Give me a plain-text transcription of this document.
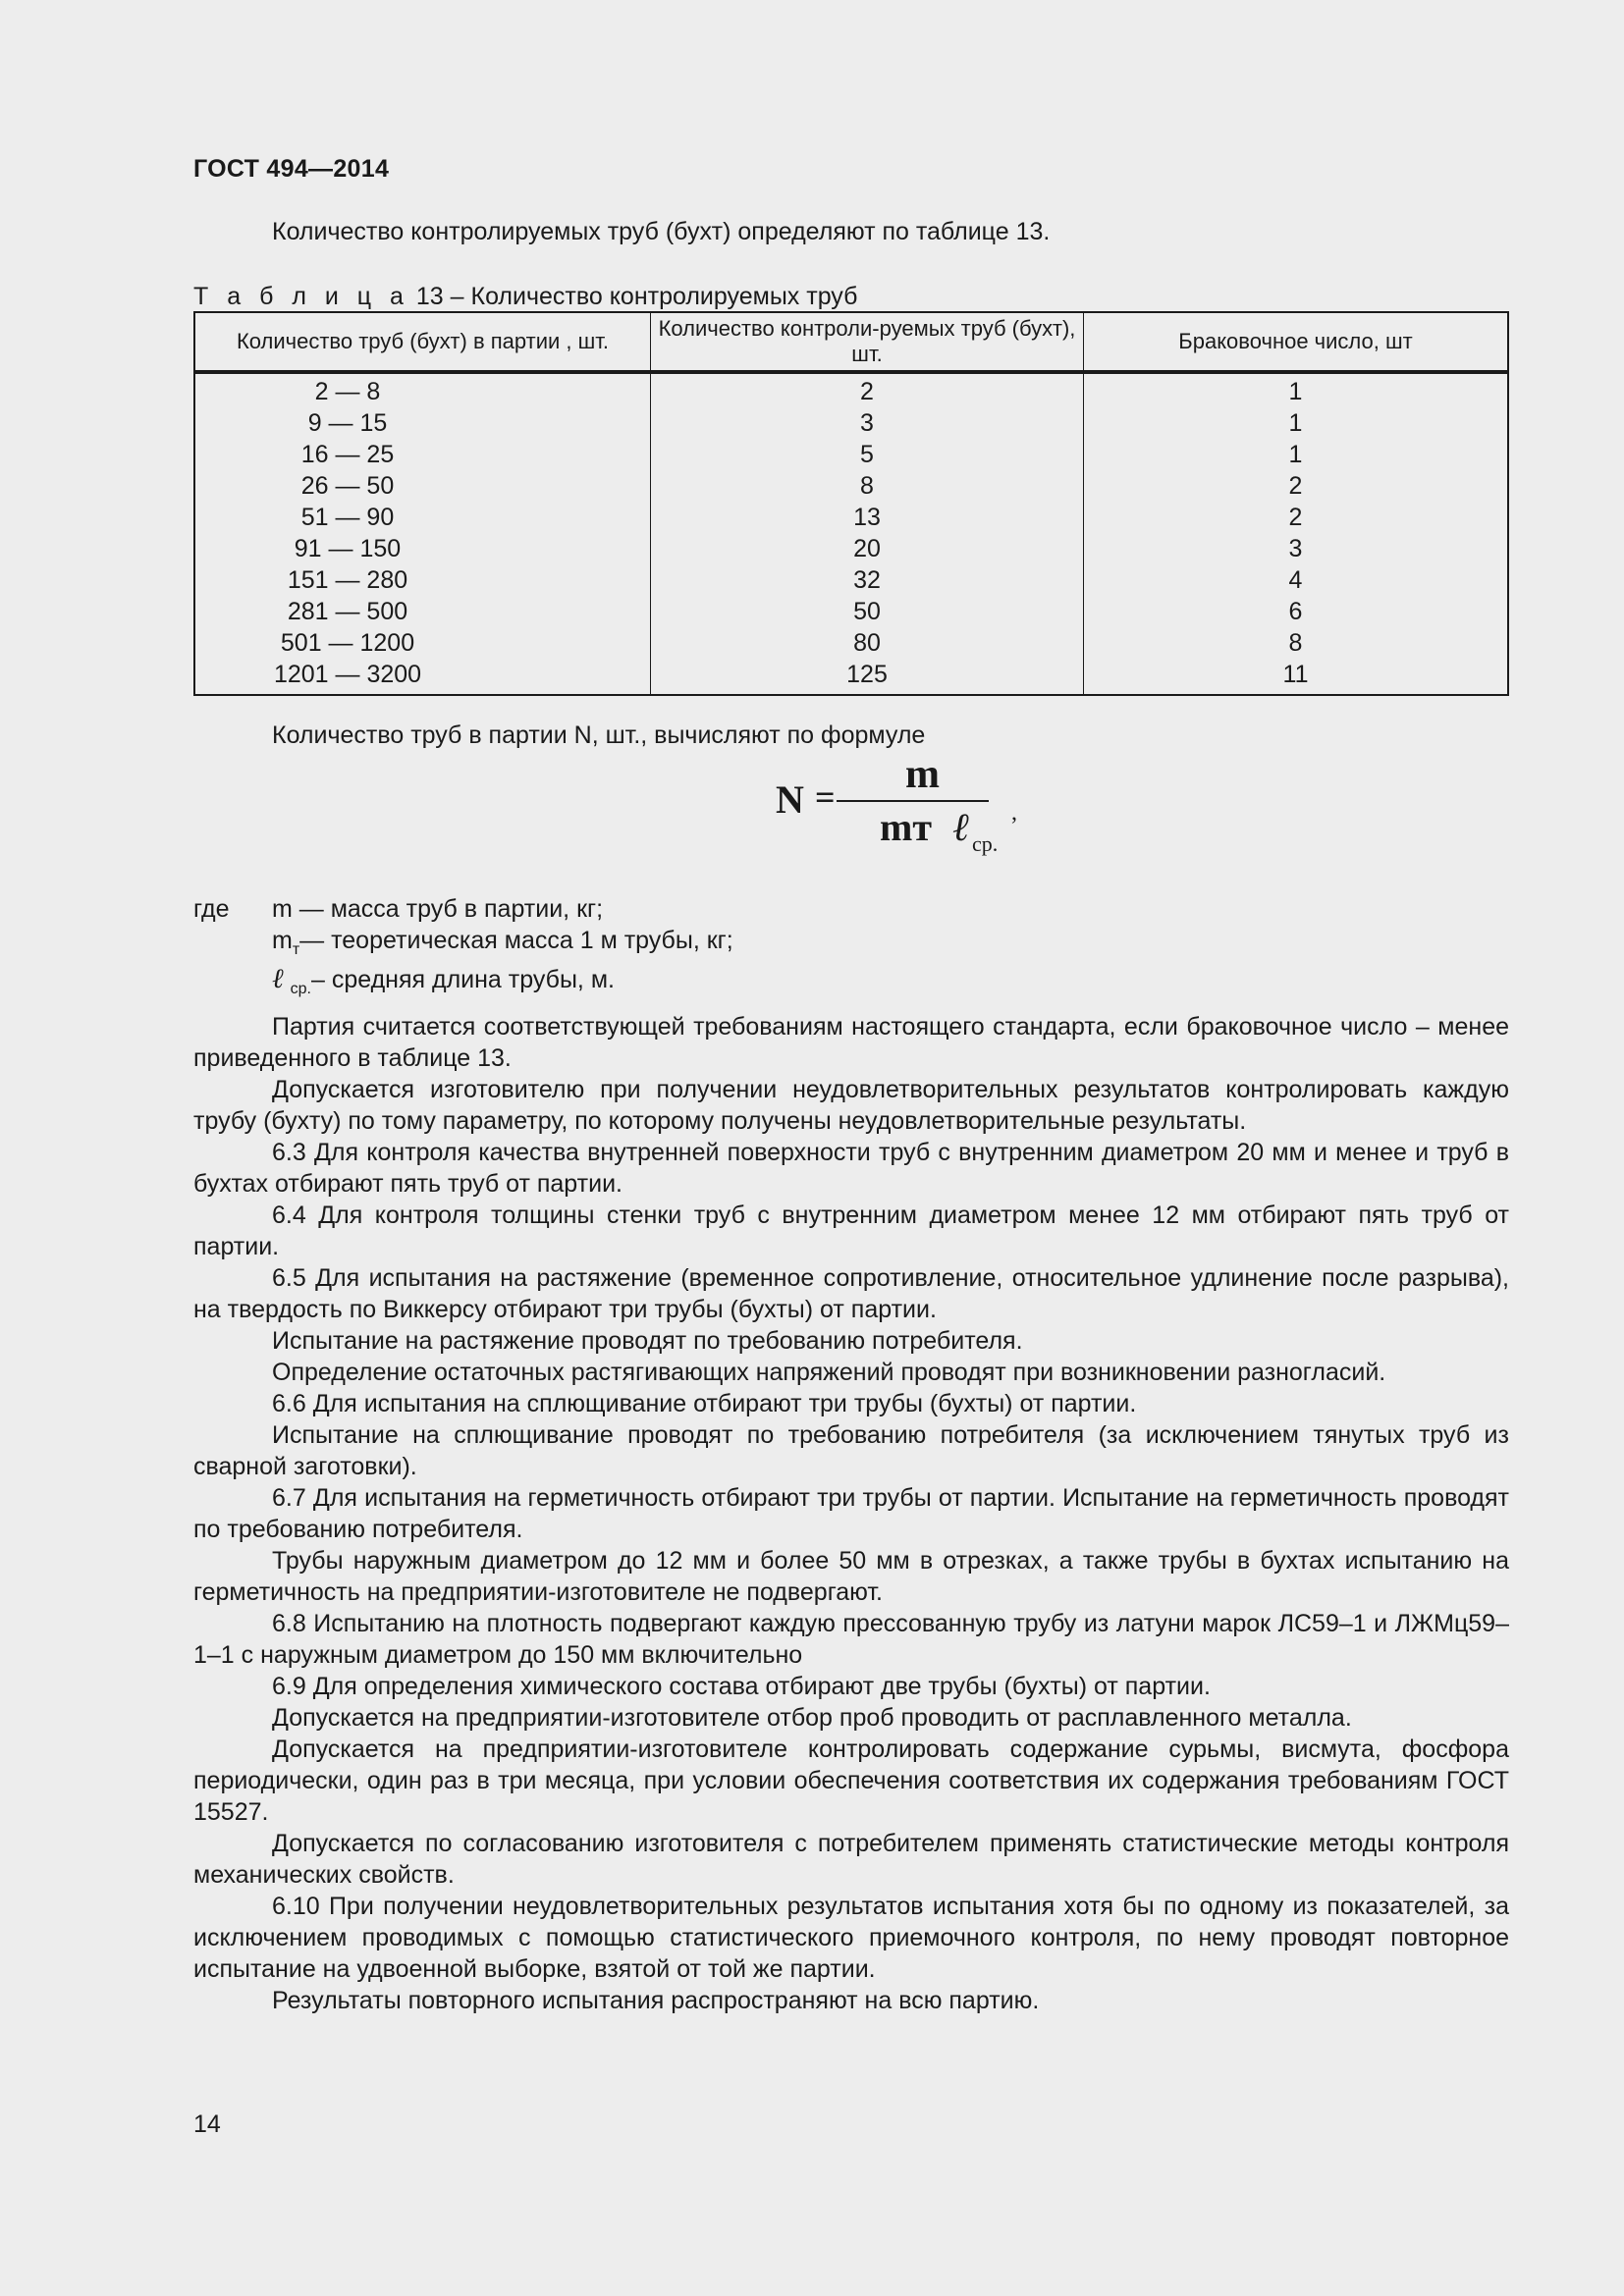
ГОСТ 494—2014
Количество контролируемых труб (бухт) определяют по таблице 13.
Т а б л и ц а 13 – Количество контролируемых труб
Количество труб (бухт) в партии , шт.	Количество контроли-руемых труб (бухт), шт.	Браковочное число, шт
2 — 8	2	1
9 — 15	3	1
16 — 25	5	1
26 — 50	8	2
51 — 90	13	2
91 — 150	20	3
151 — 280	32	4
281 — 500	50	6
501 — 1200	80	8
1201 — 3200	125	11
Количество труб в партии N, шт., вычисляют по формуле
N = m
mт ℓ ср.
,
где m — масса труб в партии, кг;
$m_т—$ теоретическая масса 1 м трубы, кг;
ℓ $_{ср.}$– средняя длина трубы, м.

Партия считается соответствующей требованиям настоящего стандарта, если браковочное число – менее приведенного в таблице 13.

Допускается изготовителю при получении неудовлетворительных результатов контролировать каждую трубу (бухту) по тому параметру, по которому получены неудовлетворительные результаты.

6.3 Для контроля качества внутренней поверхности труб с внутренним диаметром 20 мм и менее и труб в бухтах отбирают пять труб от партии.

6.4 Для контроля толщины стенки труб с внутренним диаметром менее 12 мм отбирают пять труб от партии.

6.5 Для испытания на растяжение (временное сопротивление, относительное удлинение после разрыва), на твердость по Виккерсу отбирают три трубы (бухты) от партии.

Испытание на растяжение проводят по требованию потребителя.

Определение остаточных растягивающих напряжений проводят при возникновении разногласий.

6.6 Для испытания на сплющивание отбирают три трубы (бухты) от партии.

Испытание на сплющивание проводят по требованию потребителя (за исключением тянутых труб из сварной заготовки).

6.7 Для испытания на герметичность отбирают три трубы от партии. Испытание на герметичность проводят по требованию потребителя.

Трубы наружным диаметром до 12 мм и более 50 мм в отрезках, а также трубы в бухтах испытанию на герметичность на предприятии-изготовителе не подвергают.

6.8 Испытанию на плотность подвергают каждую прессованную трубу из латуни марок ЛС59–1 и ЛЖМц59–1–1 с наружным диаметром до 150 мм включительно

6.9 Для определения химического состава отбирают две трубы (бухты) от партии.

Допускается на предприятии-изготовителе отбор проб проводить от расплавленного металла.

Допускается на предприятии-изготовителе контролировать содержание сурьмы, висмута, фосфора периодически, один раз в три месяца, при условии обеспечения соответствия их содержания требованиям ГОСТ 15527.

Допускается по согласованию изготовителя с потребителем применять статистические методы контроля механических свойств.

6.10 При получении неудовлетворительных результатов испытания хотя бы по одному из показателей, за исключением проводимых с помощью статистического приемочного контроля, по нему проводят повторное испытание на удвоенной выборке, взятой от той же партии.

Результаты повторного испытания распространяют на всю партию.

14
